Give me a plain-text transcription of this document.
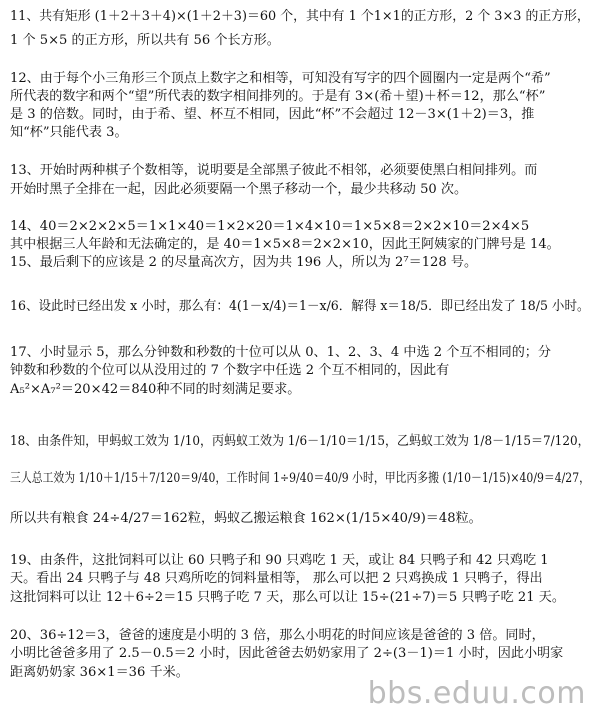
bbs.eduu.com

11、共有矩形 (1＋2＋3＋4)×(1＋2＋3)＝60 个，其中有 1 个1×1的正方形，2 个 3×3 的正方形，

1 个 5×5 的正方形，所以共有 56 个长方形。

12、由于每个小三角形三个顶点上数字之和相等，可知没有写字的四个圆圈内一定是两个“希”

所代表的数字和两个“望”所代表的数字相间排列的。于是有 3×(希＋望)＋杯＝12，那么“杯”

是 3 的倍数。同时，由于希、望、杯互不相同，因此“杯”不会超过 12－3×(1＋2)＝3，推

知“杯”只能代表 3。

13、开始时两种棋子个数相等，说明要是全部黑子彼此不相邻，必须要使黑白相间排列。而

开始时黑子全排在一起，因此必须要隔一个黑子移动一个，最少共移动 50 次。

14、40＝2×2×2×5＝1×1×40＝1×2×20＝1×4×10＝1×5×8＝2×2×10＝2×4×5

其中根据三人年龄和无法确定的，是 40＝1×5×8＝2×2×10，因此王阿姨家的门牌号是 14。

15、最后剩下的应该是 2 的尽量高次方，因为共 196 人，所以为 2⁷＝128 号。

16、设此时已经出发 x 小时，那么有：4(1－x/4)＝1－x/6．解得 x＝18/5．即已经出发了 18/5 小时。

17、小时显示 5，那么分钟数和秒数的十位可以从 0、1、2、3、4 中选 2 个互不相同的；分

钟数和秒数的个位可以从没用过的 7 个数字中任选 2 个互不相同的，因此有

A₅²×A₇²＝20×42＝840种不同的时刻满足要求。

18、由条件知，甲蚂蚁工效为 1/10，丙蚂蚁工效为 1/6－1/10＝1/15，乙蚂蚁工效为 1/8－1/15＝7/120，

三人总工效为 1/10＋1/15＋7/120＝9/40，工作时间 1÷9/40＝40/9 小时，甲比丙多搬 (1/10－1/15)×40/9＝4/27，

所以共有粮食 24÷4/27＝162粒，蚂蚁乙搬运粮食 162×(1/15×40/9)＝48粒。

19、由条件，这批饲料可以让 60 只鸭子和 90 只鸡吃 1 天，或让 84 只鸭子和 42 只鸡吃 1

天。看出 24 只鸭子与 48 只鸡所吃的饲料量相等， 那么可以把 2 只鸡换成 1 只鸭子，得出

这批饲料可以让 12＋6÷2＝15 只鸭子吃 7 天，那么可以让 15÷(21÷7)＝5 只鸭子吃 21 天。

20、36÷12＝3，爸爸的速度是小明的 3 倍，那么小明花的时间应该是爸爸的 3 倍。同时，

小明比爸爸多用了 2.5－0.5＝2 小时，因此爸爸去奶奶家用了 2÷(3－1)＝1 小时，因此小明家

距离奶奶家 36×1＝36 千米。
